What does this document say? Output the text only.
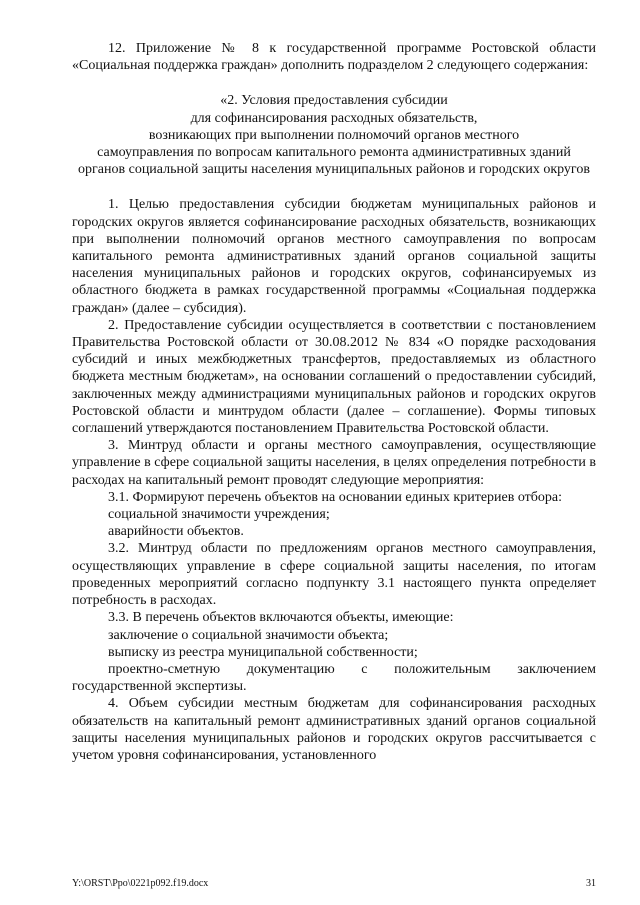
12. Приложение № 8 к государственной программе Ростовской области «Социальная поддержка граждан» дополнить подразделом 2 следующего содержания:

«2. Условия предоставления субсидии
для софинансирования расходных обязательств,
возникающих при выполнении полномочий органов местного
самоуправления по вопросам капитального ремонта административных зданий
органов социальной защиты населения муниципальных районов и городских округов

1. Целью предоставления субсидии бюджетам муниципальных районов и городских округов является софинансирование расходных обязательств, возникающих при выполнении полномочий органов местного самоуправления по вопросам капитального ремонта административных зданий органов социальной защиты населения муниципальных районов и городских округов, софинансируемых из областного бюджета в рамках государственной программы «Социальная поддержка граждан» (далее – субсидия).

2. Предоставление субсидии осуществляется в соответствии с постановлением Правительства Ростовской области от 30.08.2012 № 834 «О порядке расходования субсидий и иных межбюджетных трансфертов, предоставляемых из областного бюджета местным бюджетам», на основании соглашений о предоставлении субсидий, заключенных между администрациями муниципальных районов и городских округов Ростовской области и минтрудом области (далее – соглашение). Формы типовых соглашений утверждаются постановлением Правительства Ростовской области.

3. Минтруд области и органы местного самоуправления, осуществляющие управление в сфере социальной защиты населения, в целях определения потребности в расходах на капитальный ремонт проводят следующие мероприятия:

3.1. Формируют перечень объектов на основании единых критериев отбора:

социальной значимости учреждения;

аварийности объектов.

3.2. Минтруд области по предложениям органов местного самоуправления, осуществляющих управление в сфере социальной защиты населения, по итогам проведенных мероприятий согласно подпункту 3.1 настоящего пункта определяет потребность в расходах.

3.3. В перечень объектов включаются объекты, имеющие:

заключение о социальной значимости объекта;

выписку из реестра муниципальной собственности;

проектно-сметную документацию с положительным заключением государственной экспертизы.

4. Объем субсидии местным бюджетам для софинансирования расходных обязательств на капитальный ремонт административных зданий органов социальной защиты населения муниципальных районов и городских округов рассчитывается с учетом уровня софинансирования, установленного

Y:\ORST\Ppo\0221p092.f19.docx	31
